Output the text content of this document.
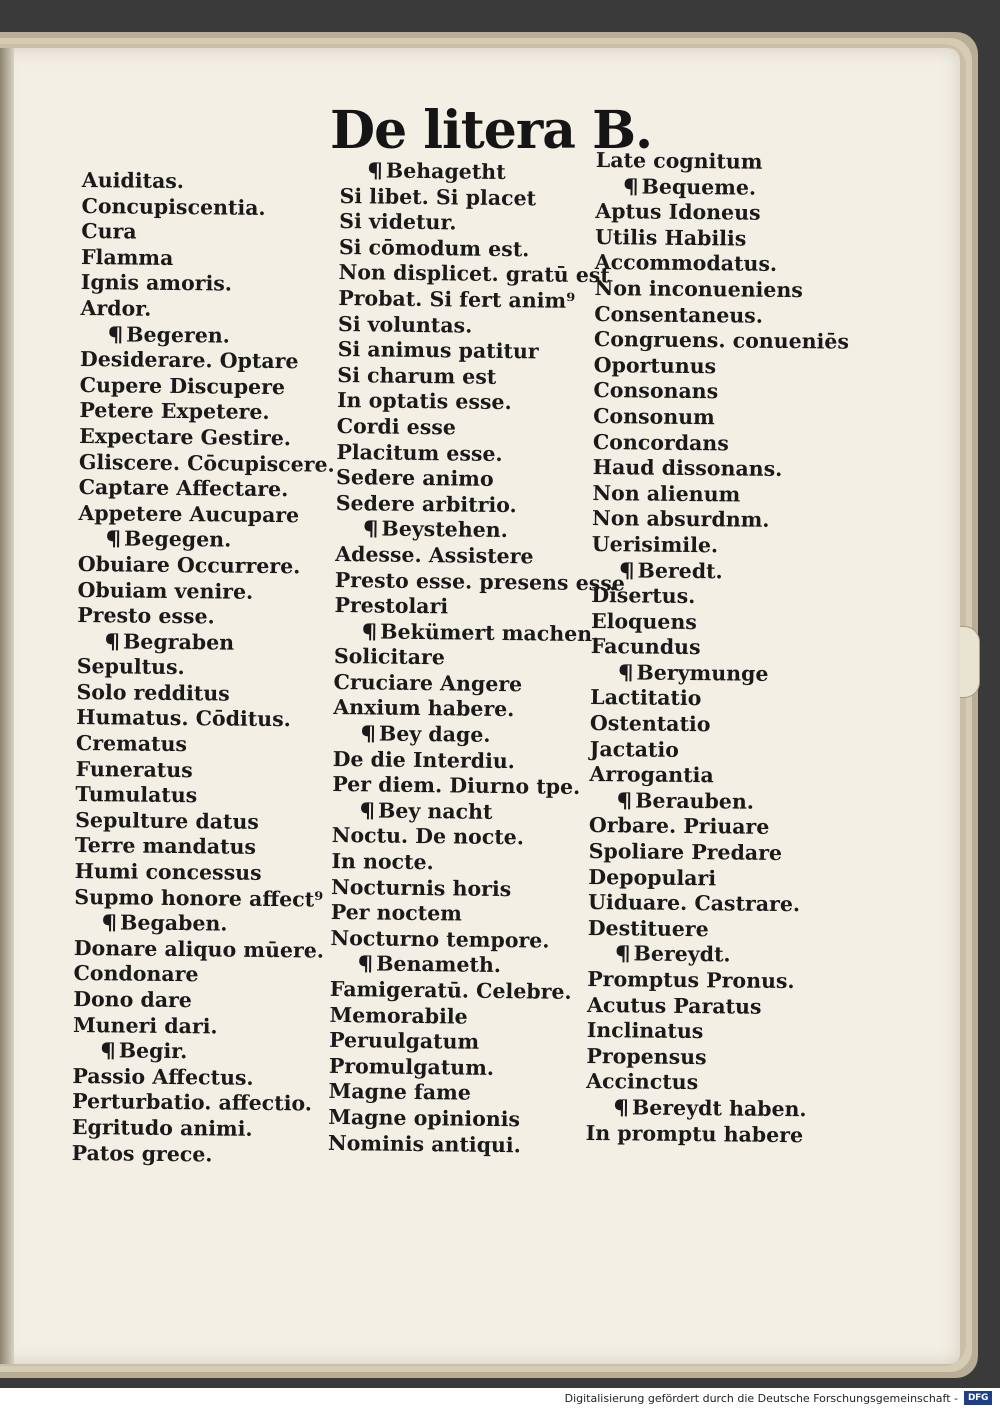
De litera B.
Auiditas.
Concupiscentia.
Cura
Flamma
Ignis amoris.
Ardor.
Begeren.
Desiderare. Optare
Cupere Discupere
Petere Expetere.
Expectare Gestire.
Gliscere. Cōcupiscere.
Captare Affectare.
Appetere Aucupare
Begegen.
Obuiare Occurrere.
Obuiam venire.
Presto esse.
Begraben
Sepultus.
Solo redditus
Humatus. Cōditus.
Crematus
Funeratus
Tumulatus
Sepulture datus
Terre mandatus
Humi concessus
Supmo honore affect⁹
Begaben.
Donare aliquo mūere.
Condonare
Dono dare
Muneri dari.
Begir.
Passio Affectus.
Perturbatio. affectio.
Egritudo animi.
Patos grece.
Behagetht
Si libet. Si placet
Si videtur.
Si cōmodum est.
Non displicet. gratū est
Probat. Si fert anim⁹
Si voluntas.
Si animus patitur
Si charum est
In optatis esse.
Cordi esse
Placitum esse.
Sedere animo
Sedere arbitrio.
Beystehen.
Adesse. Assistere
Presto esse. presens esse
Prestolari
Bekümert machen.
Solicitare
Cruciare Angere
Anxium habere.
Bey dage.
De die Interdiu.
Per diem. Diurno tpe.
Bey nacht
Noctu. De nocte.
In nocte.
Nocturnis horis
Per noctem
Nocturno tempore.
Benameth.
Famigeratū. Celebre.
Memorabile
Peruulgatum
Promulgatum.
Magne fame
Magne opinionis
Nominis antiqui.
Late cognitum
Bequeme.
Aptus Idoneus
Utilis Habilis
Accommodatus.
Non inconueniens
Consentaneus.
Congruens. conueniēs
Oportunus
Consonans
Consonum
Concordans
Haud dissonans.
Non alienum
Non absurdnm.
Uerisimile.
Beredt.
Disertus.
Eloquens
Facundus
Berymunge
Lactitatio
Ostentatio
Jactatio
Arrogantia
Berauben.
Orbare. Priuare
Spoliare Predare
Depopulari
Uiduare. Castrare.
Destituere
Bereydt.
Promptus Pronus.
Acutus Paratus
Inclinatus
Propensus
Accinctus
Bereydt haben.
In promptu habere
Digitalisierung gefördert durch die Deutsche Forschungsgemeinschaft -	DFG
